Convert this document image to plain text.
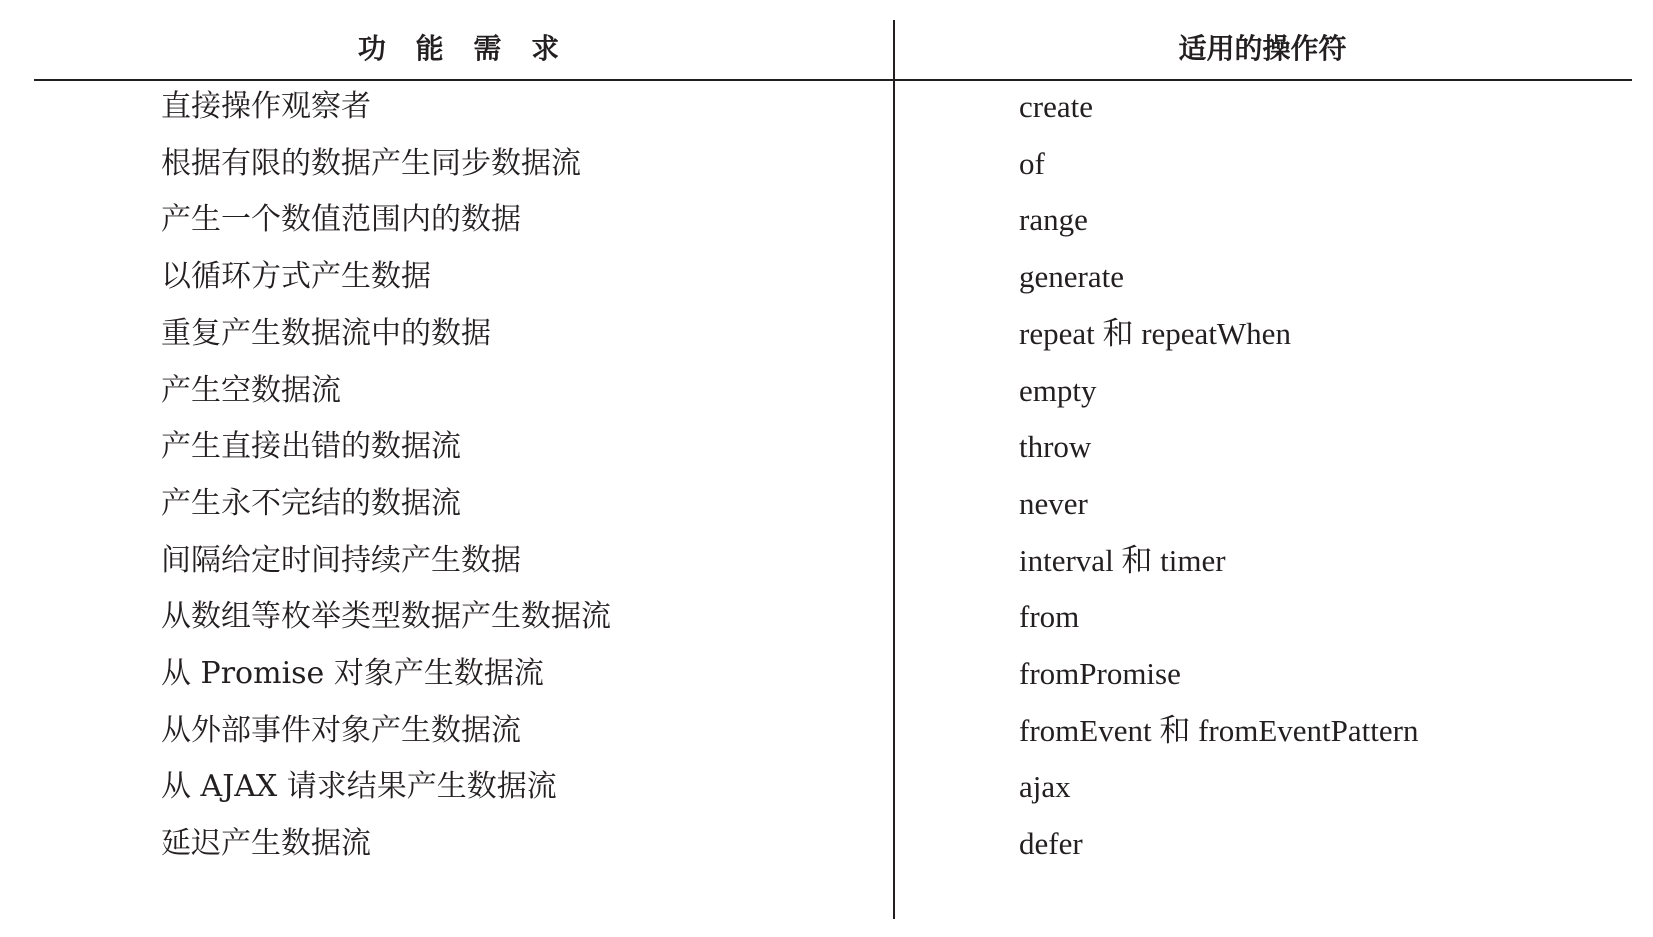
功 能 需 求	适用的操作符
直接操作观察者	create
根据有限的数据产生同步数据流	of
产生一个数值范围内的数据	range
以循环方式产生数据	generate
重复产生数据流中的数据	repeat 和 repeatWhen
产生空数据流	empty
产生直接出错的数据流	throw
产生永不完结的数据流	never
间隔给定时间持续产生数据	interval 和 timer
从数组等枚举类型数据产生数据流	from
从 Promise 对象产生数据流	fromPromise
从外部事件对象产生数据流	fromEvent 和 fromEventPattern
从 AJAX 请求结果产生数据流	ajax
延迟产生数据流	defer
